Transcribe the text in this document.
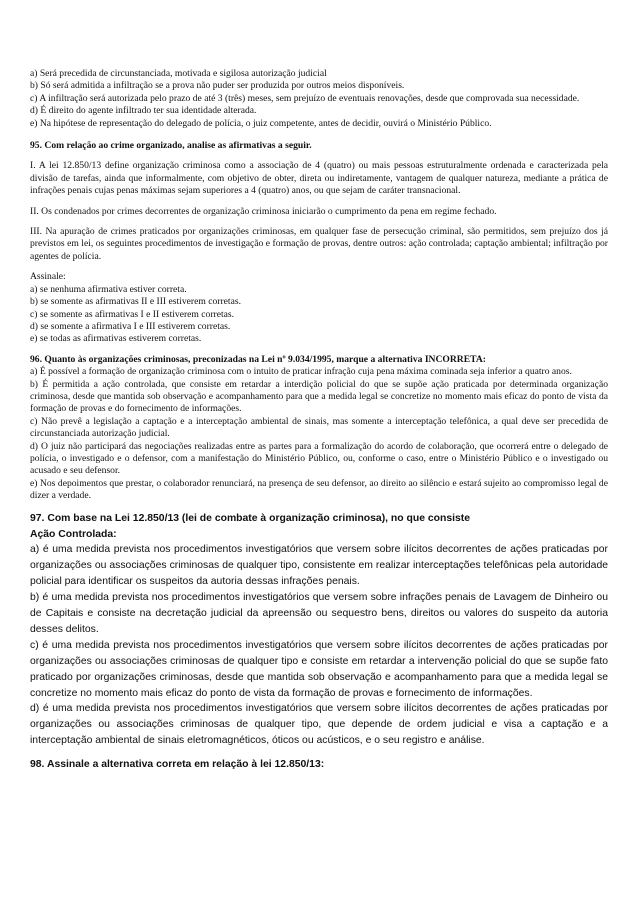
a) Será precedida de circunstanciada, motivada e sigilosa autorização judicial

b) Só será admitida a infiltração se a prova não puder ser produzida por outros meios disponíveis.

c) A infiltração será autorizada pelo prazo de até 3 (três) meses, sem prejuízo de eventuais renovações, desde que comprovada sua necessidade.

d) É direito do agente infiltrado ter sua identidade alterada.

e) Na hipótese de representação do delegado de polícia, o juiz competente, antes de decidir, ouvirá o Ministério Público.

95. Com relação ao crime organizado, analise as afirmativas a seguir.

I. A lei 12.850/13 define organização criminosa como a associação de 4 (quatro) ou mais pessoas estruturalmente ordenada e caracterizada pela divisão de tarefas, ainda que informalmente, com objetivo de obter, direta ou indiretamente, vantagem de qualquer natureza, mediante a prática de infrações penais cujas penas máximas sejam superiores a 4 (quatro) anos, ou que sejam de caráter transnacional.

II. Os condenados por crimes decorrentes de organização criminosa iniciarão o cumprimento da pena em regime fechado.

III. Na apuração de crimes praticados por organizações criminosas, em qualquer fase de persecução criminal, são permitidos, sem prejuízo dos já previstos em lei, os seguintes procedimentos de investigação e formação de provas, dentre outros: ação controlada; captação ambiental; infiltração por agentes de polícia.

Assinale:

a) se nenhuma afirmativa estiver correta.

b) se somente as afirmativas II e III estiverem corretas.

c) se somente as afirmativas I e II estiverem corretas.

d) se somente a afirmativa I e III estiverem corretas.

e) se todas as afirmativas estiverem corretas.

96. Quanto às organizações criminosas, preconizadas na Lei nº 9.034/1995, marque a alternativa INCORRETA:

a) É possível a formação de organização criminosa com o intuito de praticar infração cuja pena máxima cominada seja inferior a quatro anos.

b) É permitida a ação controlada, que consiste em retardar a interdição policial do que se supõe ação praticada por determinada organização criminosa, desde que mantida sob observação e acompanhamento para que a medida legal se concretize no momento mais eficaz do ponto de vista da formação de provas e do fornecimento de informações.

c) Não prevê a legislação a captação e a interceptação ambiental de sinais, mas somente a interceptação telefônica, a qual deve ser precedida de circunstanciada autorização judicial.

d) O juiz não participará das negociações realizadas entre as partes para a formalização do acordo de colaboração, que ocorrerá entre o delegado de polícia, o investigado e o defensor, com a manifestação do Ministério Público, ou, conforme o caso, entre o Ministério Público e o investigado ou acusado e seu defensor.

e) Nos depoimentos que prestar, o colaborador renunciará, na presença de seu defensor, ao direito ao silêncio e estará sujeito ao compromisso legal de dizer a verdade.

97. Com base na Lei 12.850/13 (lei de combate à organização criminosa), no que consiste

Ação Controlada:

a) é uma medida prevista nos procedimentos investigatórios que versem sobre ilícitos decorrentes de ações praticadas por organizações ou associações criminosas de qualquer tipo, consistente em realizar interceptações telefônicas pela autoridade policial para identificar os suspeitos da autoria dessas infrações penais.

b) é uma medida prevista nos procedimentos investigatórios que versem sobre infrações penais de Lavagem de Dinheiro ou de Capitais e consiste na decretação judicial da apreensão ou sequestro bens, direitos ou valores do suspeito da autoria desses delitos.

c) é uma medida prevista nos procedimentos investigatórios que versem sobre ilícitos decorrentes de ações praticadas por organizações ou associações criminosas de qualquer tipo e consiste em retardar a intervenção policial do que se supõe fato praticado por organizações criminosas, desde que mantida sob observação e acompanhamento para que a medida legal se concretize no momento mais eficaz do ponto de vista da formação de provas e fornecimento de informações.

d) é uma medida prevista nos procedimentos investigatórios que versem sobre ilícitos decorrentes de ações praticadas por organizações ou associações criminosas de qualquer tipo, que depende de ordem judicial e visa a captação e a interceptação ambiental de sinais eletromagnéticos, óticos ou acústicos, e o seu registro e análise.

98. Assinale a alternativa correta em relação à lei 12.850/13:
